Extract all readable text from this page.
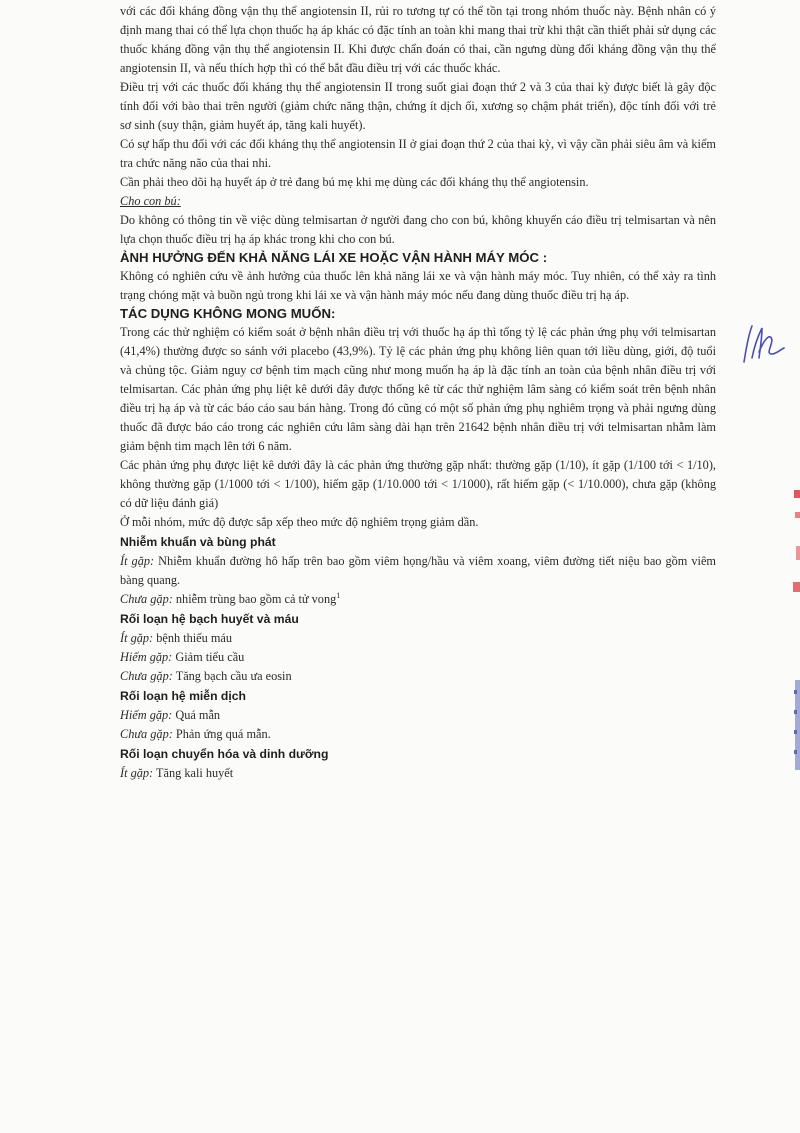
với các đối kháng đồng vận thụ thể angiotensin II, rủi ro tương tự có thể tồn tại trong nhóm thuốc này. Bệnh nhân có ý định mang thai có thể lựa chọn thuốc hạ áp khác có đặc tính an toàn khi mang thai trừ khi thật cần thiết phải sử dụng các thuốc kháng đồng vận thụ thể angiotensin II. Khi được chẩn đoán có thai, cần ngưng dùng đối kháng đồng vận thụ thể angiotensin II, và nếu thích hợp thì có thể bắt đầu điều trị với các thuốc khác.

Điều trị với các thuốc đối kháng thụ thể angiotensin II trong suốt giai đoạn thứ 2 và 3 của thai kỳ được biết là gây độc tính đối với bào thai trên người (giảm chức năng thận, chứng ít dịch ối, xương sọ chậm phát triển), độc tính đối với trẻ sơ sinh (suy thận, giảm huyết áp, tăng kali huyết).

Có sự hấp thu đối với các đối kháng thụ thể angiotensin II ở giai đoạn thứ 2 của thai kỳ, vì vậy cần phải siêu âm và kiểm tra chức năng não của thai nhi.

Cần phải theo dõi hạ huyết áp ở trẻ đang bú mẹ khi mẹ dùng các đối kháng thụ thể angiotensin.

Cho con bú:

Do không có thông tin về việc dùng telmisartan ở người đang cho con bú, không khuyến cáo điều trị telmisartan và nên lựa chọn thuốc điều trị hạ áp khác trong khi cho con bú.

ẢNH HƯỞNG ĐẾN KHẢ NĂNG LÁI XE HOẶC VẬN HÀNH MÁY MÓC :

Không có nghiên cứu về ảnh hưởng của thuốc lên khả năng lái xe và vận hành máy móc. Tuy nhiên, có thể xảy ra tình trạng chóng mặt và buồn ngủ trong khi lái xe và vận hành máy móc nếu đang dùng thuốc điều trị hạ áp.

TÁC DỤNG KHÔNG MONG MUỐN:

Trong các thử nghiệm có kiểm soát ở bệnh nhân điều trị với thuốc hạ áp thì tổng tỷ lệ các phản ứng phụ với telmisartan (41,4%) thường được so sánh với placebo (43,9%). Tỷ lệ các phản ứng phụ không liên quan tới liều dùng, giới, độ tuổi và chủng tộc. Giảm nguy cơ bệnh tim mạch cũng như mong muốn hạ áp là đặc tính an toàn của bệnh nhân điều trị với telmisartan. Các phản ứng phụ liệt kê dưới đây được thống kê từ các thử nghiệm lâm sàng có kiểm soát trên bệnh nhân điều trị hạ áp và từ các báo cáo sau bán hàng. Trong đó cũng có một số phản ứng phụ nghiêm trọng và phải ngưng dùng thuốc đã được báo cáo trong các nghiên cứu lâm sàng dài hạn trên 21642 bệnh nhân điều trị với telmisartan nhằm làm giảm bệnh tim mạch lên tới 6 năm.

Các phản ứng phụ được liệt kê dưới đây là các phản ứng thường gặp nhất: thường gặp (1/10), ít gặp (1/100 tới < 1/10), không thường gặp (1/1000 tới < 1/100), hiếm gặp (1/10.000 tới < 1/1000), rất hiếm gặp (< 1/10.000), chưa gặp (không có dữ liệu đánh giá)

Ở mỗi nhóm, mức độ được sắp xếp theo mức độ nghiêm trọng giảm dần.

Nhiễm khuẩn và bùng phát

Ít gặp: Nhiễm khuẩn đường hô hấp trên bao gồm viêm họng/hầu và viêm xoang, viêm đường tiết niệu bao gồm viêm bàng quang.

Chưa gặp: nhiễm trùng bao gồm cả tử vong$^1$

Rối loạn hệ bạch huyết và máu

Ít gặp: bệnh thiếu máu

Hiếm gặp: Giảm tiểu cầu

Chưa gặp: Tăng bạch cầu ưa eosin

Rối loạn hệ miễn dịch

Hiếm gặp: Quá mẫn

Chưa gặp: Phản ứng quá mẫn.

Rối loạn chuyển hóa và dinh dưỡng

Ít gặp: Tăng kali huyết
